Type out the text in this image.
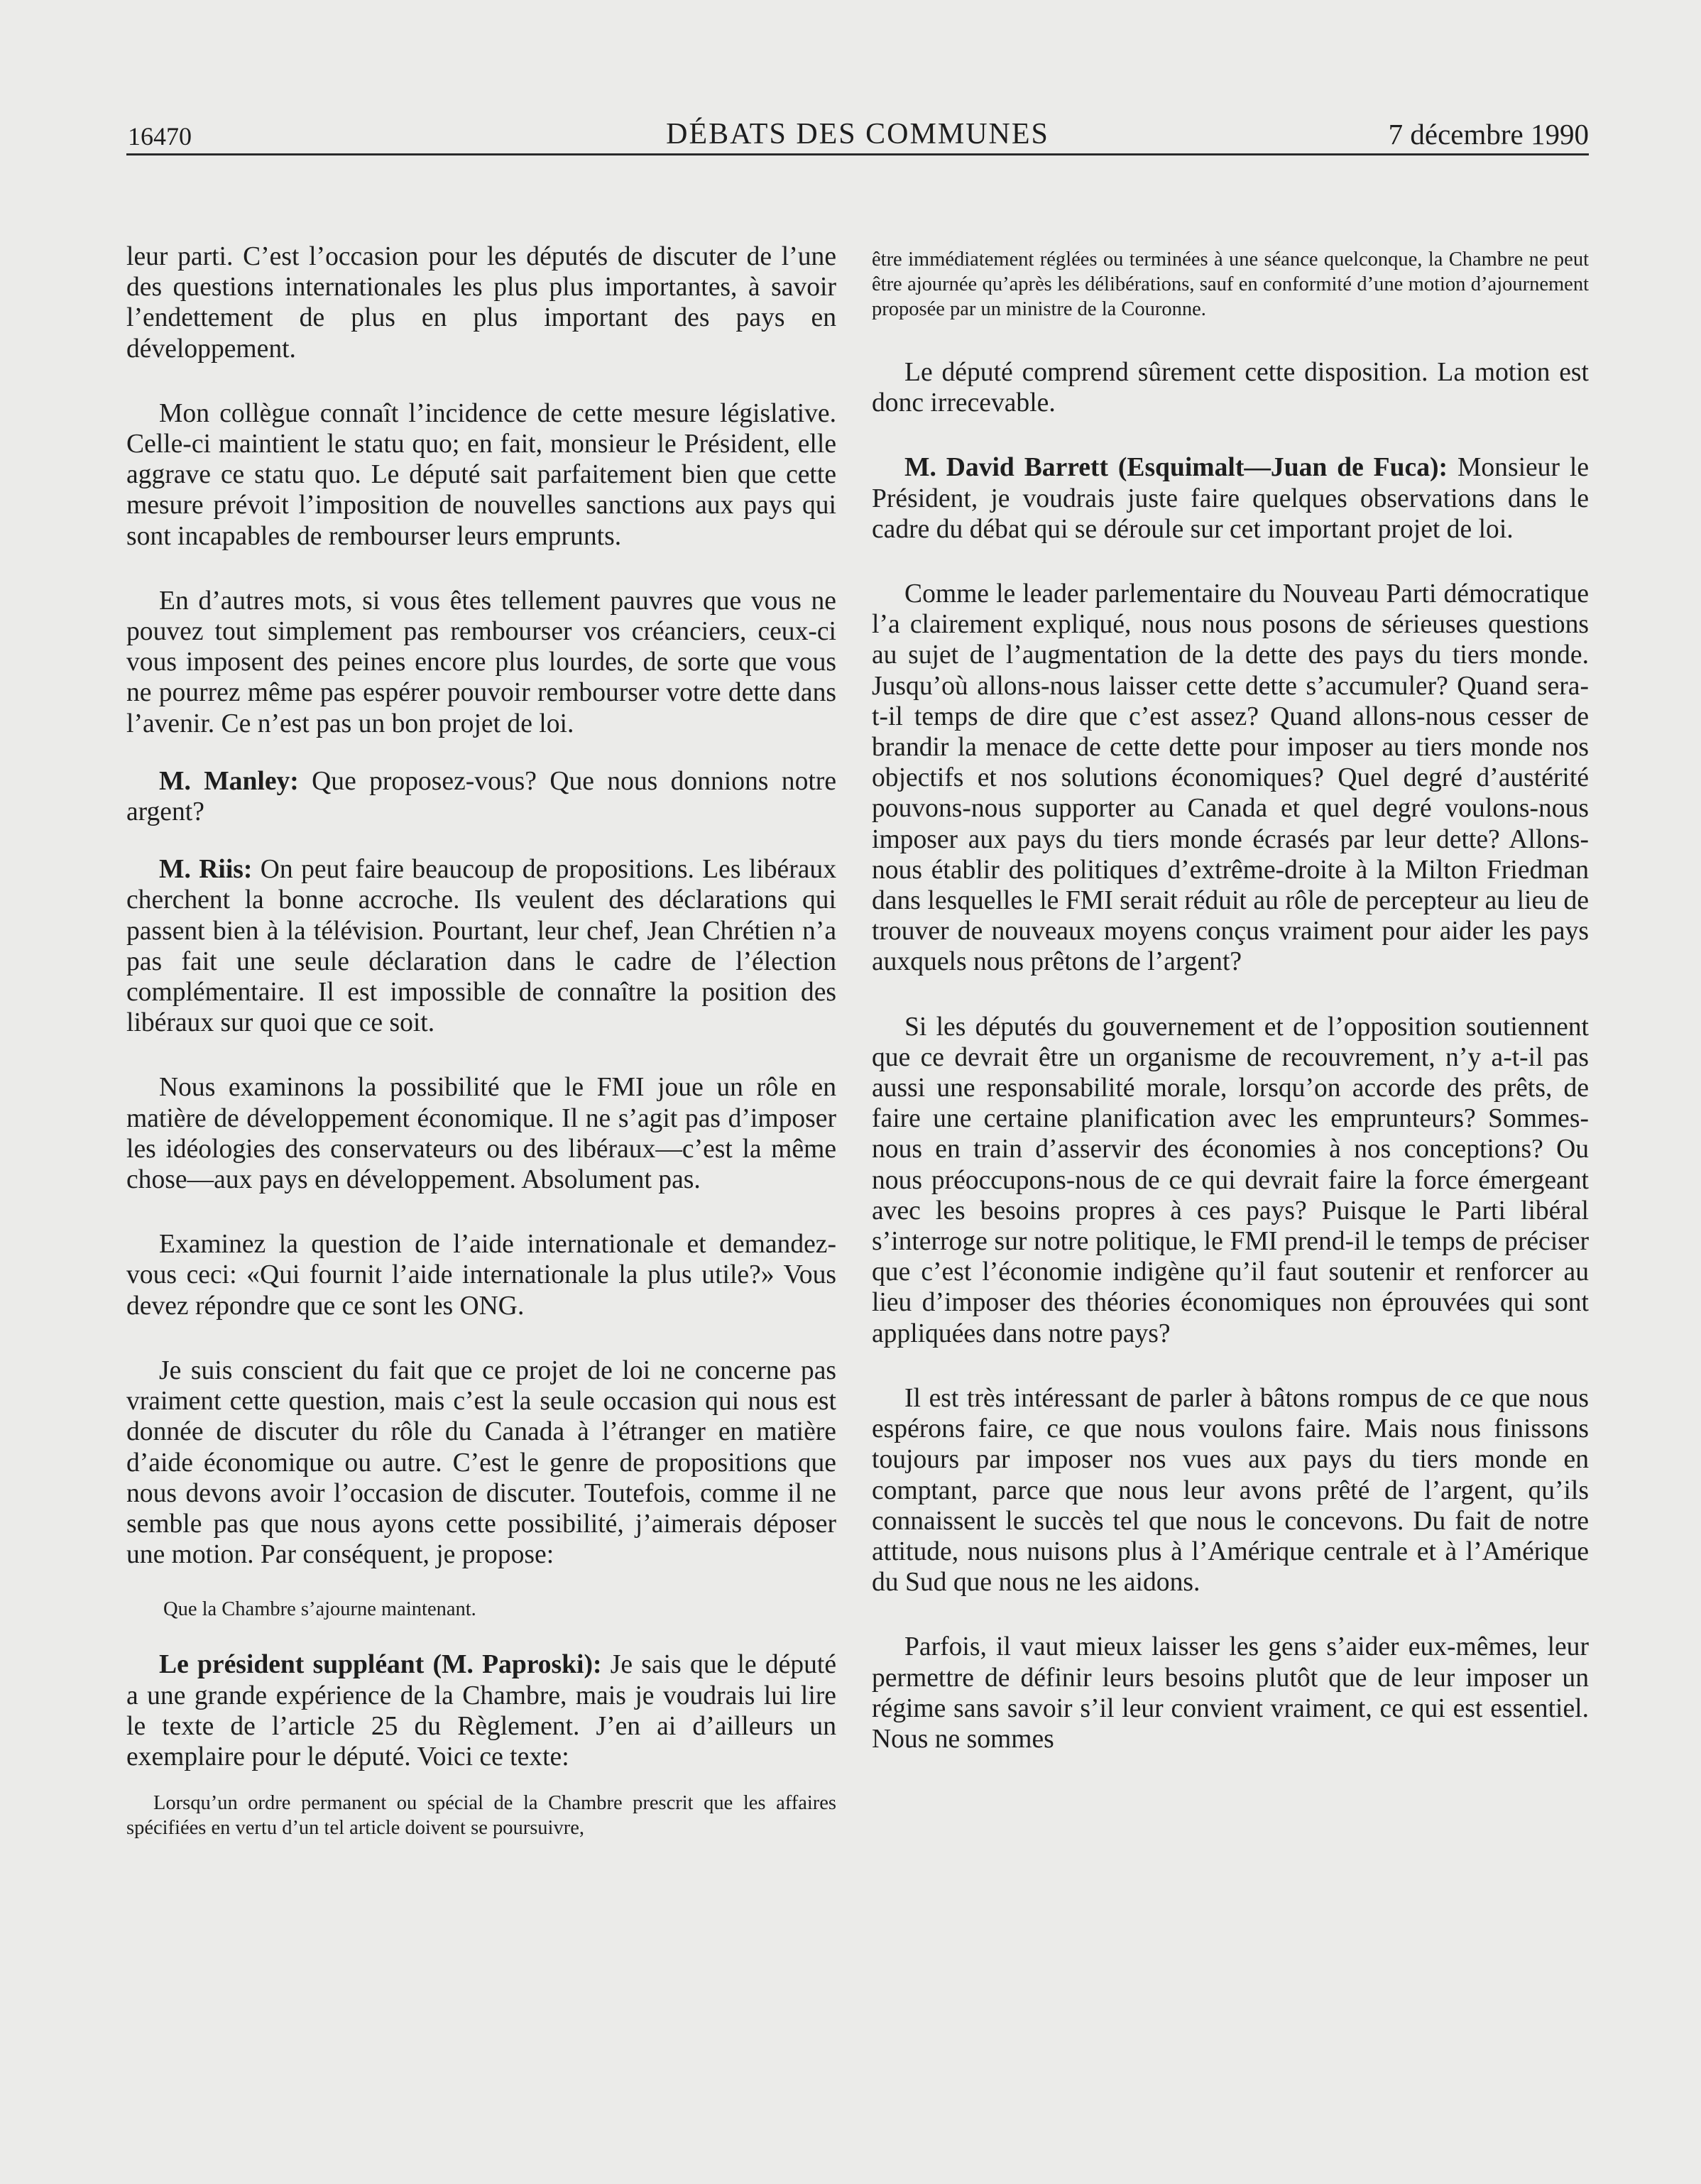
16470	DÉBATS DES COMMUNES	7 décembre 1990

leur parti. C’est l’occasion pour les députés de discuter de l’une des questions internationales les plus plus importantes, à savoir l’endettement de plus en plus important des pays en développement.

Mon collègue connaît l’incidence de cette mesure législative. Celle-ci maintient le statu quo; en fait, monsieur le Président, elle aggrave ce statu quo. Le député sait parfaitement bien que cette mesure prévoit l’imposition de nouvelles sanctions aux pays qui sont incapables de rembourser leurs emprunts.

En d’autres mots, si vous êtes tellement pauvres que vous ne pouvez tout simplement pas rembourser vos créanciers, ceux-ci vous imposent des peines encore plus lourdes, de sorte que vous ne pourrez même pas espérer pouvoir rembourser votre dette dans l’avenir. Ce n’est pas un bon projet de loi.

M. Manley: Que proposez-vous? Que nous donnions notre argent?

M. Riis: On peut faire beaucoup de propositions. Les libéraux cherchent la bonne accroche. Ils veulent des déclarations qui passent bien à la télévision. Pourtant, leur chef, Jean Chrétien n’a pas fait une seule déclaration dans le cadre de l’élection complémentaire. Il est impossible de connaître la position des libéraux sur quoi que ce soit.

Nous examinons la possibilité que le FMI joue un rôle en matière de développement économique. Il ne s’agit pas d’imposer les idéologies des conservateurs ou des libéraux—c’est la même chose—aux pays en développement. Absolument pas.

Examinez la question de l’aide internationale et demandez-vous ceci: «Qui fournit l’aide internationale la plus utile?» Vous devez répondre que ce sont les ONG.

Je suis conscient du fait que ce projet de loi ne concerne pas vraiment cette question, mais c’est la seule occasion qui nous est donnée de discuter du rôle du Canada à l’étranger en matière d’aide économique ou autre. C’est le genre de propositions que nous devons avoir l’occasion de discuter. Toutefois, comme il ne semble pas que nous ayons cette possibilité, j’aimerais déposer une motion. Par conséquent, je propose:

Que la Chambre s’ajourne maintenant.

Le président suppléant (M. Paproski): Je sais que le député a une grande expérience de la Chambre, mais je voudrais lui lire le texte de l’article 25 du Règlement. J’en ai d’ailleurs un exemplaire pour le député. Voici ce texte:

Lorsqu’un ordre permanent ou spécial de la Chambre prescrit que les affaires spécifiées en vertu d’un tel article doivent se poursuivre,

être immédiatement réglées ou terminées à une séance quelconque, la Chambre ne peut être ajournée qu’après les délibérations, sauf en conformité d’une motion d’ajournement proposée par un ministre de la Couronne.

Le député comprend sûrement cette disposition. La motion est donc irrecevable.

M. David Barrett (Esquimalt—Juan de Fuca): Monsieur le Président, je voudrais juste faire quelques observations dans le cadre du débat qui se déroule sur cet important projet de loi.

Comme le leader parlementaire du Nouveau Parti démocratique l’a clairement expliqué, nous nous posons de sérieuses questions au sujet de l’augmentation de la dette des pays du tiers monde. Jusqu’où allons-nous laisser cette dette s’accumuler? Quand sera-t-il temps de dire que c’est assez? Quand allons-nous cesser de brandir la menace de cette dette pour imposer au tiers monde nos objectifs et nos solutions économiques? Quel degré d’austérité pouvons-nous supporter au Canada et quel degré voulons-nous imposer aux pays du tiers monde écrasés par leur dette? Allons-nous établir des politiques d’extrême-droite à la Milton Friedman dans lesquelles le FMI serait réduit au rôle de percepteur au lieu de trouver de nouveaux moyens conçus vraiment pour aider les pays auxquels nous prêtons de l’argent?

Si les députés du gouvernement et de l’opposition soutiennent que ce devrait être un organisme de recouvrement, n’y a-t-il pas aussi une responsabilité morale, lorsqu’on accorde des prêts, de faire une certaine planification avec les emprunteurs? Sommes-nous en train d’asservir des économies à nos conceptions? Ou nous préoccupons-nous de ce qui devrait faire la force émergeant avec les besoins propres à ces pays? Puisque le Parti libéral s’interroge sur notre politique, le FMI prend-il le temps de préciser que c’est l’économie indigène qu’il faut soutenir et renforcer au lieu d’imposer des théories économiques non éprouvées qui sont appliquées dans notre pays?

Il est très intéressant de parler à bâtons rompus de ce que nous espérons faire, ce que nous voulons faire. Mais nous finissons toujours par imposer nos vues aux pays du tiers monde en comptant, parce que nous leur avons prêté de l’argent, qu’ils connaissent le succès tel que nous le concevons. Du fait de notre attitude, nous nuisons plus à l’Amérique centrale et à l’Amérique du Sud que nous ne les aidons.

Parfois, il vaut mieux laisser les gens s’aider eux-mêmes, leur permettre de définir leurs besoins plutôt que de leur imposer un régime sans savoir s’il leur convient vraiment, ce qui est essentiel. Nous ne sommes
